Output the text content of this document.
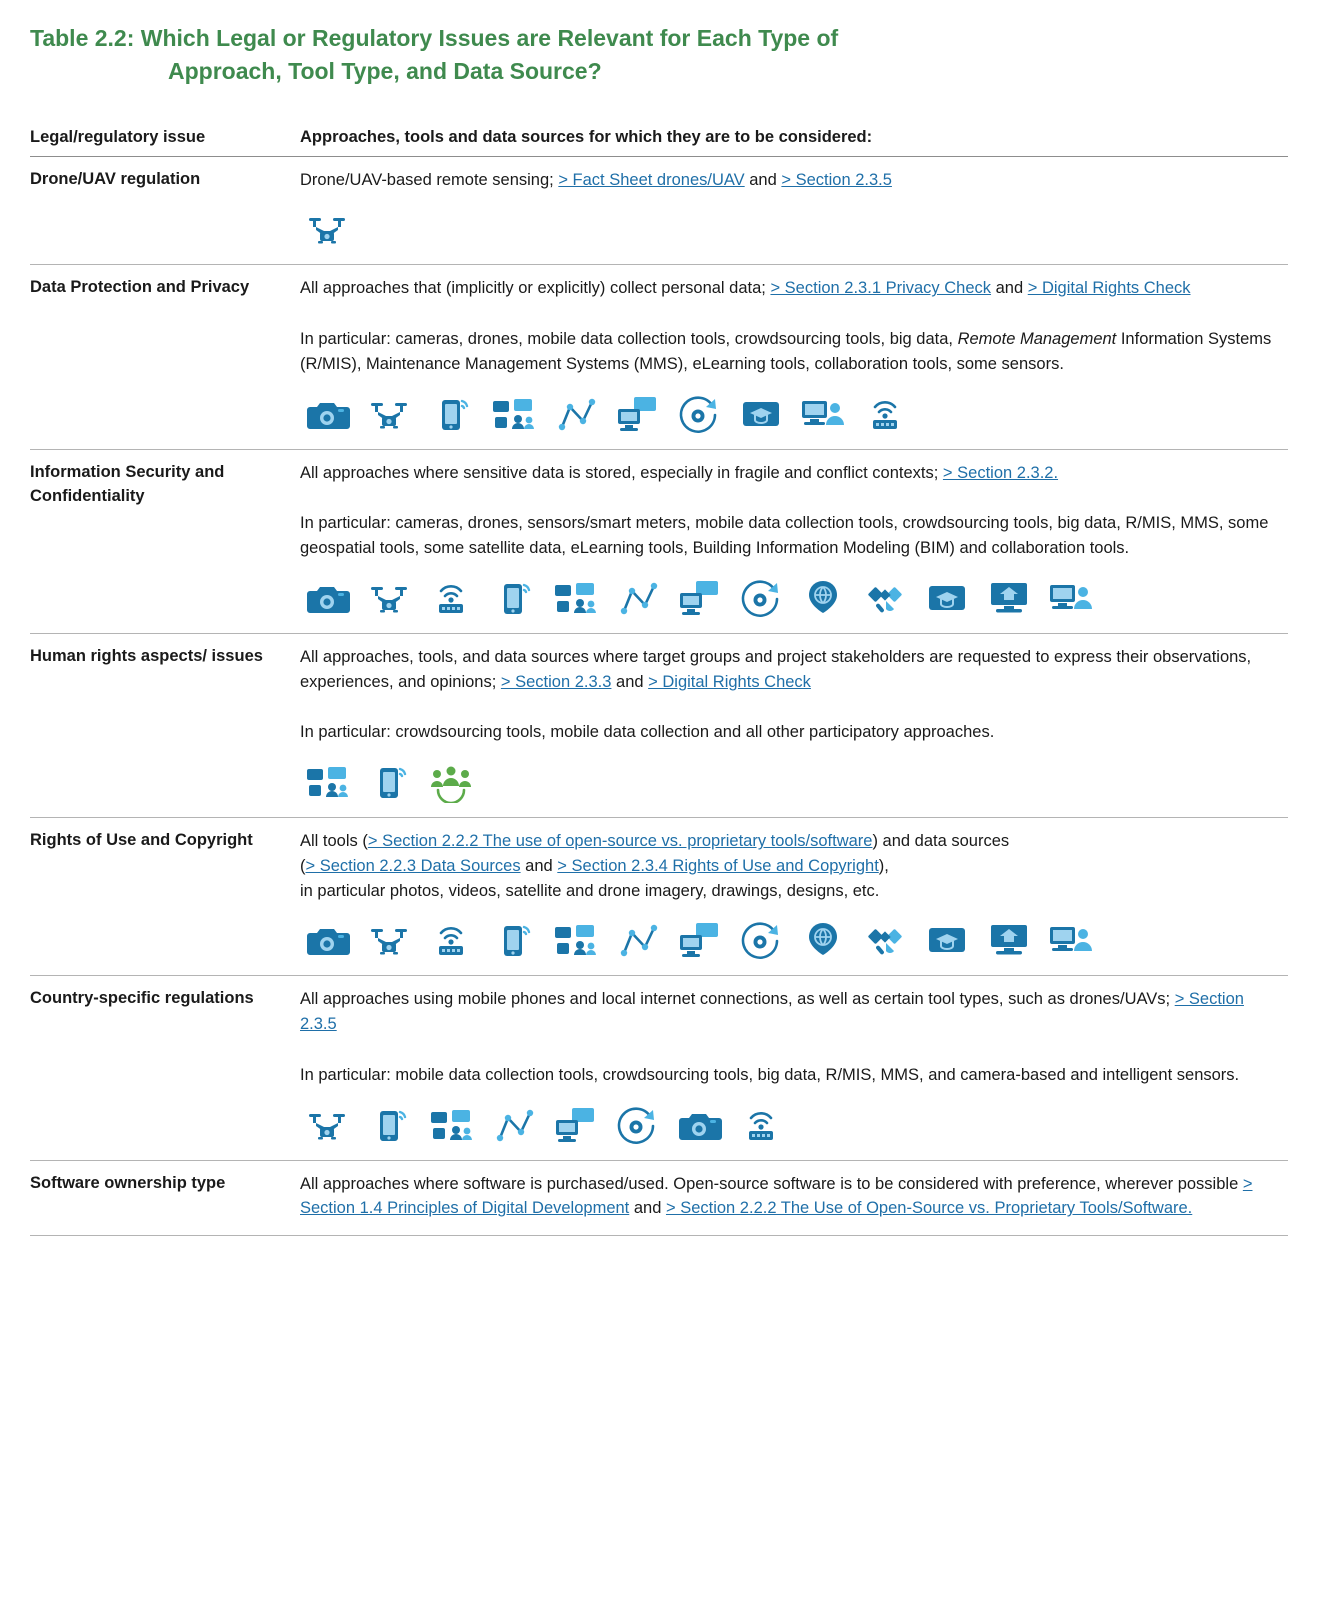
Table 2.2: Which Legal or Regulatory Issues are Relevant for Each Type of
Approach, Tool Type, and Data Source?
Legal/regulatory issue	Approaches, tools and data sources for which they are to be considered:
Drone/UAV regulation	Drone/UAV-based remote sensing; > Fact Sheet drones/UAV and > Section 2.3.5

Data Protection and Privacy	All approaches that (implicitly or explicitly) collect personal data; > Section 2.3.1 Privacy Check and > Digital Rights Check

In particular: cameras, drones, mobile data collection tools, crowdsourcing tools, big data, Remote Management Information Systems (R/MIS), Maintenance Management Systems (MMS), eLearning tools, collaboration tools, some sensors.

Information Security and Confidentiality	All approaches where sensitive data is stored, especially in fragile and conflict contexts; > Section 2.3.2.

In particular: cameras, drones, sensors/smart meters, mobile data collection tools, crowdsourcing tools, big data, R/MIS, MMS, some geospatial tools, some satellite data, eLearning tools, Building Information Modeling (BIM) and collaboration tools.

Human rights aspects/ issues	All approaches, tools, and data sources where target groups and project stakeholders are requested to express their observations, experiences, and opinions; > Section 2.3.3 and > Digital Rights Check

In particular: crowdsourcing tools, mobile data collection and all other participatory approaches.

Rights of Use and Copyright	All tools (> Section 2.2.2 The use of open-source vs. proprietary tools/software) and data sources

(> Section 2.2.3 Data Sources and > Section 2.3.4 Rights of Use and Copyright),

in particular photos, videos, satellite and drone imagery, drawings, designs, etc.

Country-specific regulations	All approaches using mobile phones and local internet connections, as well as certain tool types, such as drones/UAVs; > Section 2.3.5

In particular: mobile data collection tools, crowdsourcing tools, big data, R/MIS, MMS, and camera-based and intelligent sensors.

Software ownership type	All approaches where software is purchased/used. Open-source software is to be considered with preference, wherever possible > Section 1.4 Principles of Digital Development and > Section 2.2.2 The Use of Open-Source vs. Proprietary Tools/Software.
